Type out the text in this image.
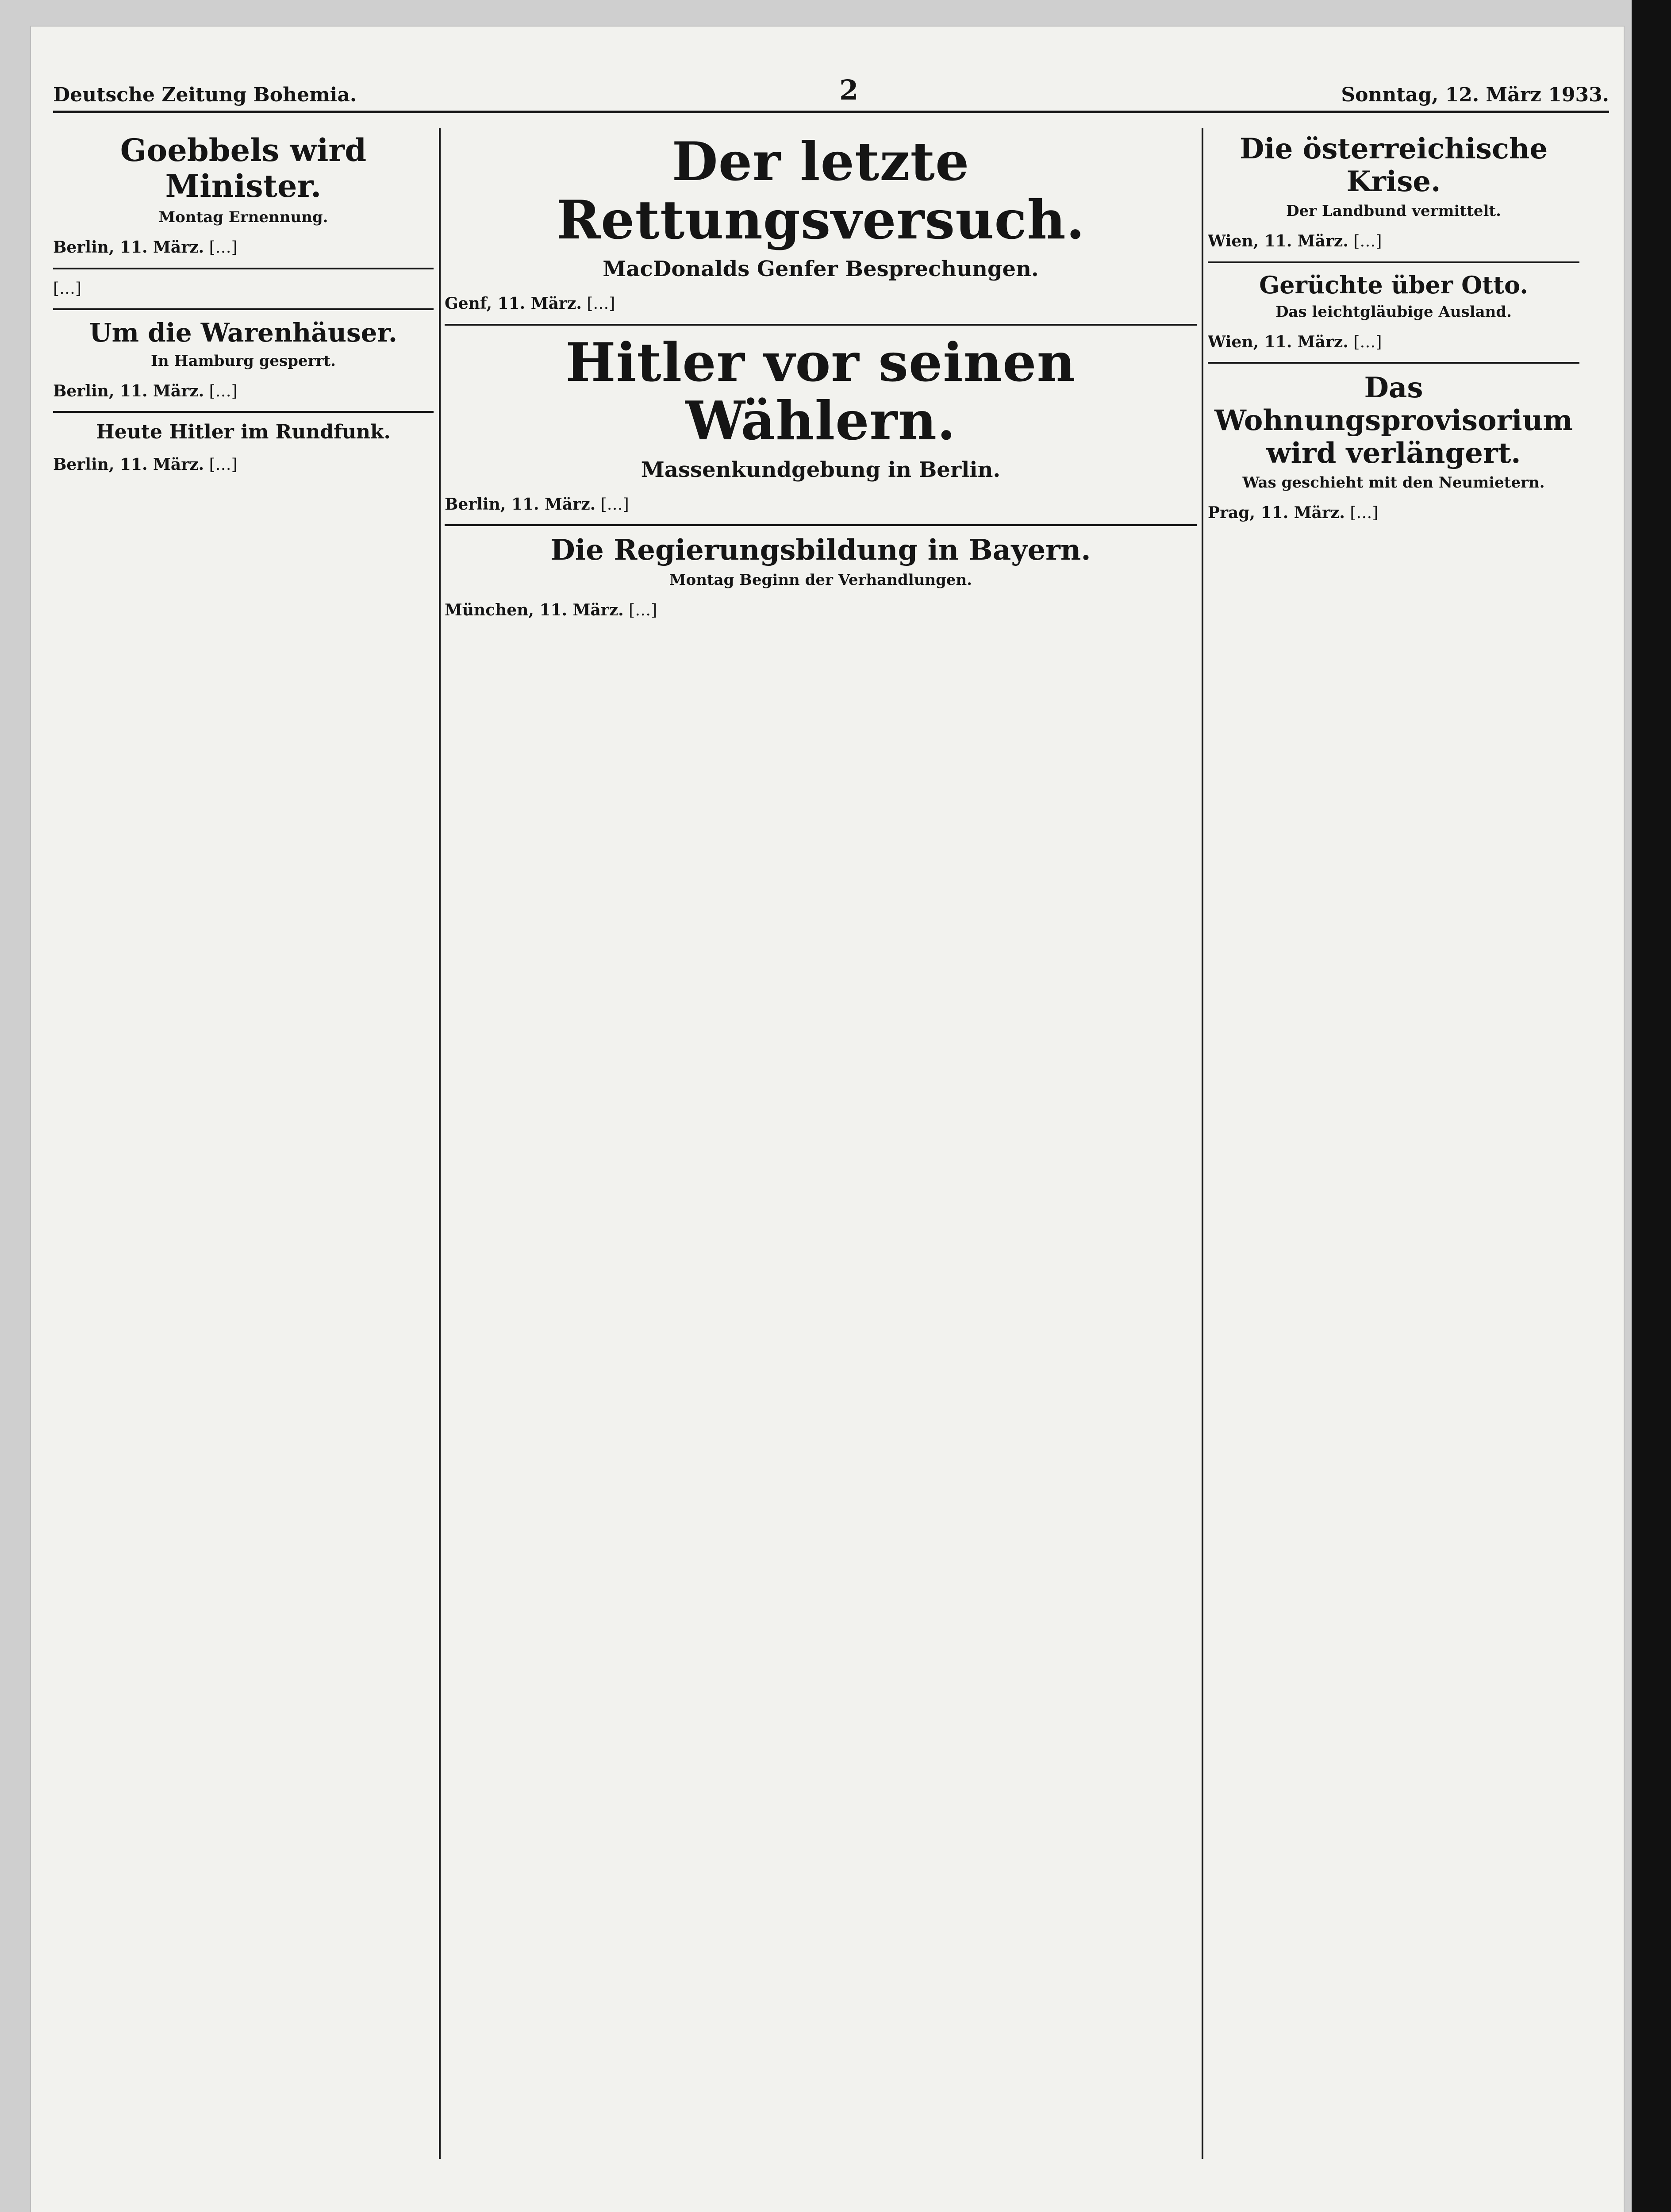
Deutsche Zeitung Bohemia.	2	Sonntag, 12. März 1933.
Goebbels wird Minister.
Montag Ernennung.

Berlin, 11. März. […]

[…]

Um die Warenhäuser.
In Hamburg gesperrt.

Berlin, 11. März. […]

Heute Hitler im Rundfunk.

Berlin, 11. März. […]

Der letzte Rettungsversuch.
MacDonalds Genfer Besprechungen.

Genf, 11. März. […]

Hitler vor seinen Wählern.
Massenkundgebung in Berlin.

Berlin, 11. März. […]

Die Regierungsbildung in Bayern.
Montag Beginn der Verhandlungen.

München, 11. März. […]

Die österreichische Krise.
Der Landbund vermittelt.

Wien, 11. März. […]

Gerüchte über Otto.
Das leichtgläubige Ausland.

Wien, 11. März. […]

Das Wohnungsprovisorium wird verlängert.
Was geschieht mit den Neumietern.

Prag, 11. März. […]
